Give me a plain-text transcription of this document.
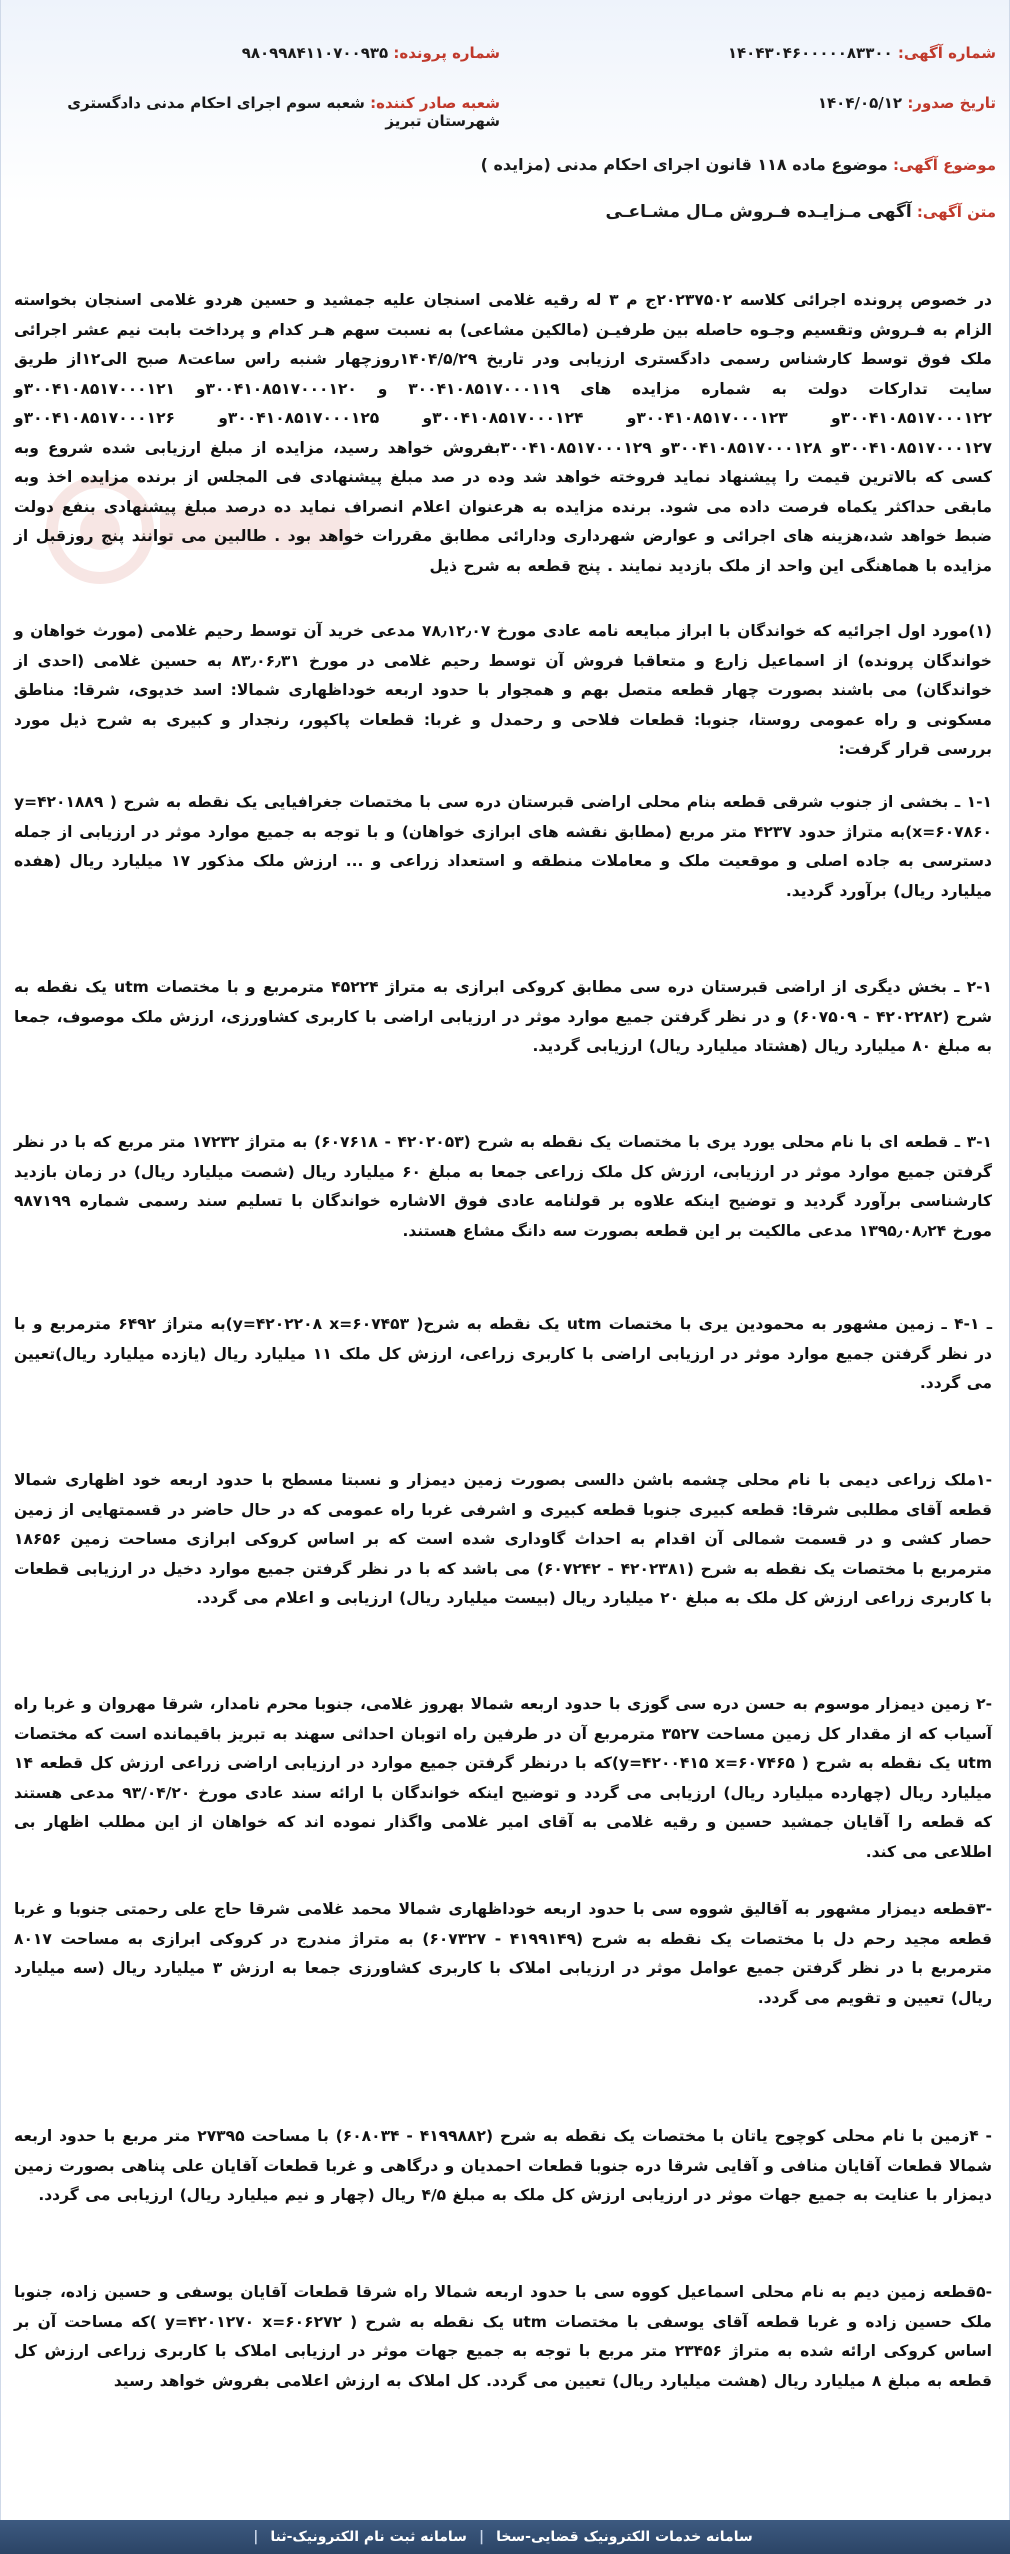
شماره آگهی: ۱۴۰۴۳۰۴۶۰۰۰۰۰۸۳۳۰۰
شماره پرونده: ۹۸۰۹۹۸۴۱۱۰۷۰۰۹۳۵
تاریخ صدور: ۱۴۰۴/۰۵/۱۲
شعبه صادر کننده: شعبه سوم اجرای احکام مدنی دادگستری شهرستان تبریز
موضوع آگهی: موضوع ماده ۱۱۸ قانون اجرای احکام مدنی (مزایده )
متن آگهی: آگهی مـزایـده فـروش مـال مشـاعـی
در خصوص پرونده اجرائی کلاسه ۲۰۲۳۷۵۰۲ج م ۳ له رقیه غلامی اسنجان علیه جمشید و حسین هردو غلامی اسنجان بخواسته الزام به فـروش وتقسیم وجـوه حاصله بین طرفیـن (مالکین مشاعی) به نسبت سهم هـر کدام و پرداخت بابت نیم عشر اجرائی ملک فوق توسط کارشناس رسمی دادگستری ارزیابی ودر تاریخ ۱۴۰۴/۵/۲۹روزچهار شنبه راس ساعت۸ صبح الی۱۲از طریق سایت تدارکات دولت به شماره مزایده های ۳۰۰۴۱۰۸۵۱۷۰۰۰۱۱۹ و ۳۰۰۴۱۰۸۵۱۷۰۰۰۱۲۰و ۳۰۰۴۱۰۸۵۱۷۰۰۰۱۲۱و ۳۰۰۴۱۰۸۵۱۷۰۰۰۱۲۲و ۳۰۰۴۱۰۸۵۱۷۰۰۰۱۲۳و ۳۰۰۴۱۰۸۵۱۷۰۰۰۱۲۴و ۳۰۰۴۱۰۸۵۱۷۰۰۰۱۲۵و ۳۰۰۴۱۰۸۵۱۷۰۰۰۱۲۶و ۳۰۰۴۱۰۸۵۱۷۰۰۰۱۲۷و ۳۰۰۴۱۰۸۵۱۷۰۰۰۱۲۸و ۳۰۰۴۱۰۸۵۱۷۰۰۰۱۲۹بفروش خواهد رسید، مزایده از مبلغ ارزیابی شده شروع وبه کسی که بالاترین قیمت را پیشنهاد نماید فروخته خواهد شد وده در صد مبلغ پیشنهادی فی المجلس از برنده مزایده اخذ وبه مابقی حداکثر یکماه فرصت داده می شود. برنده مزایده به هرعنوان اعلام انصراف نماید ده درصد مبلغ پیشنهادی بنفع دولت ضبط خواهد شد،هزینه های اجرائی و عوارض شهرداری ودارائی مطابق مقررات خواهد بود . طالبین می توانند پنج روزقبل از مزایده با هماهنگی این واحد از ملک بازدید نمایند . پنج قطعه به شرح ذیل
(۱)مورد اول اجرائیه که خواندگان با ابراز مبایعه نامه عادی مورخ ۷۸٫۱۲٫۰۷ مدعی خرید آن توسط رحیم غلامی (مورث خواهان و خواندگان پرونده) از اسماعیل زارع و متعاقبا فروش آن توسط رحیم غلامی در مورخ ۸۳٫۰۶٫۳۱ به حسین غلامی (احدی از خواندگان) می باشند بصورت چهار قطعه متصل بهم و همجوار با حدود اربعه خوداظهاری شمالا: اسد خدیوی، شرقا: مناطق مسکونی و راه عمومی روستا، جنوبا: قطعات فلاحی و رحمدل و غربا: قطعات پاکپور، رنجدار و کبیری به شرح ذیل مورد بررسی قرار گرفت:
۱-۱ ـ بخشی از جنوب شرقی قطعه بنام محلی اراضی قبرستان دره سی با مختصات جغرافیایی یک نقطه به شرح ( y=۴۲۰۱۸۸۹ x=۶۰۷۸۶۰)به متراژ حدود ۴۲۳۷ متر مربع (مطابق نقشه های ابرازی خواهان) و با توجه به جمیع موارد موثر در ارزیابی از جمله دسترسی به جاده اصلی و موقعیت ملک و معاملات منطقه و استعداد زراعی و ... ارزش ملک مذکور ۱۷ میلیارد ریال (هفده میلیارد ریال) برآورد گردید.
۲-۱ ـ بخش دیگری از اراضی قبرستان دره سی مطابق کروکی ابرازی به متراژ ۴۵۲۲۴ مترمربع و با مختصات utm یک نقطه به شرح (۴۲۰۲۲۸۲ - ۶۰۷۵۰۹) و در نظر گرفتن جمیع موارد موثر در ارزیابی اراضی با کاربری کشاورزی، ارزش ملک موصوف، جمعا به مبلغ ۸۰ میلیارد ریال (هشتاد میلیارد ریال) ارزیابی گردید.
۳-۱ ـ قطعه ای با نام محلی یورد یری با مختصات یک نقطه به شرح (۴۲۰۲۰۵۳ - ۶۰۷۶۱۸) به متراژ ۱۷۲۳۲ متر مربع که با در نظر گرفتن جمیع موارد موثر در ارزیابی، ارزش کل ملک زراعی جمعا به مبلغ ۶۰ میلیارد ریال (شصت میلیارد ریال) در زمان بازدید کارشناسی برآورد گردید و توضیح اینکه علاوه بر قولنامه عادی فوق الاشاره خواندگان با تسلیم سند رسمی شماره ۹۸۷۱۹۹ مورخ ۱۳۹۵٫۰۸٫۲۴ مدعی مالکیت بر این قطعه بصورت سه دانگ مشاع هستند.
ـ ۱-۴ ـ زمین مشهور به محمودین یری با مختصات utm یک نقطه به شرح( y=۴۲۰۲۲۰۸ x=۶۰۷۴۵۳)به متراژ ۶۴۹۲ مترمربع و با در نظر گرفتن جمیع موارد موثر در ارزیابی اراضی با کاربری زراعی، ارزش کل ملک ۱۱ میلیارد ریال (یازده میلیارد ریال)تعیین می گردد.
-۱ملک زراعی دیمی با نام محلی چشمه باشن دالسی بصورت زمین دیمزار و نسبتا مسطح با حدود اربعه خود اظهاری شمالا قطعه آقای مطلبی شرقا: قطعه کبیری جنوبا قطعه کبیری و اشرفی غربا راه عمومی که در حال حاضر در قسمتهایی از زمین حصار کشی و در قسمت شمالی آن اقدام به احداث گاوداری شده است که بر اساس کروکی ابرازی مساحت زمین ۱۸۶۵۶ مترمربع با مختصات یک نقطه به شرح (۴۲۰۲۳۸۱ - ۶۰۷۲۴۲) می باشد که با در نظر گرفتن جمیع موارد دخیل در ارزیابی قطعات با کاربری زراعی ارزش کل ملک به مبلغ ۲۰ میلیارد ریال (بیست میلیارد ریال) ارزیابی و اعلام می گردد.
-۲ زمین دیمزار موسوم به حسن دره سی گوزی با حدود اربعه شمالا بهروز غلامی، جنوبا محرم نامدار، شرقا مهروان و غربا راه آسیاب که از مقدار کل زمین مساحت ۳۵۲۷ مترمربع آن در طرفین راه اتوبان احداثی سهند به تبریز باقیمانده است که مختصات utm یک نقطه به شرح ( y=۴۲۰۰۴۱۵ x=۶۰۷۴۶۵)که با درنظر گرفتن جمیع موارد در ارزیابی اراضی زراعی ارزش کل قطعه ۱۴ میلیارد ریال (چهارده میلیارد ریال) ارزیابی می گردد و توضیح اینکه خواندگان با ارائه سند عادی مورخ ۹۳/۰۴/۲۰ مدعی هستند که قطعه را آقایان جمشید حسین و رقیه غلامی به آقای امیر غلامی واگذار نموده اند که خواهان از این مطلب اظهار بی اطلاعی می کند.
-۳قطعه دیمزار مشهور به آقالیق شووه سی با حدود اربعه خوداظهاری شمالا محمد غلامی شرقا حاج علی رحمتی جنوبا و غربا قطعه مجید رحم دل با مختصات یک نقطه به شرح (۴۱۹۹۱۴۹ - ۶۰۷۳۲۷) به متراژ مندرج در کروکی ابرازی به مساحت ۸۰۱۷ مترمربع با در نظر گرفتن جمیع عوامل موثر در ارزیابی املاک با کاربری کشاورزی جمعا به ارزش ۳ میلیارد ریال (سه میلیارد ریال) تعیین و تقویم می گردد.
- ۴زمین با نام محلی کوچوح یاتان با مختصات یک نقطه به شرح (۴۱۹۹۸۸۲ - ۶۰۸۰۳۴) با مساحت ۲۷۳۹۵ متر مربع با حدود اربعه شمالا قطعات آقایان منافی و آقایی شرقا دره جنوبا قطعات احمدیان و درگاهی و غربا قطعات آقایان علی پناهی بصورت زمین دیمزار با عنایت به جمیع جهات موثر در ارزیابی ارزش کل ملک به مبلغ ۴/۵ ریال (چهار و نیم میلیارد ریال) ارزیابی می گردد.
-۵قطعه زمین دیم به نام محلی اسماعیل کووه سی با حدود اربعه شمالا راه شرقا قطعات آقایان یوسفی و حسین زاده، جنوبا ملک حسین زاده و غربا قطعه آقای یوسفی با مختصات utm یک نقطه به شرح ( y=۴۲۰۱۲۷۰ x=۶۰۶۲۷۲ )که مساحت آن بر اساس کروکی ارائه شده به متراژ ۲۳۴۵۶ متر مربع با توجه به جمیع جهات موثر در ارزیابی املاک با کاربری زراعی ارزش کل قطعه به مبلغ ۸ میلیارد ریال (هشت میلیارد ریال) تعیین می گردد. کل املاک به ارزش اعلامی بفروش خواهد رسید
سامانه خدمات الکترونیک قضایی-سخا
|
سامانه ثبت نام الکترونیک-ثنا
|
